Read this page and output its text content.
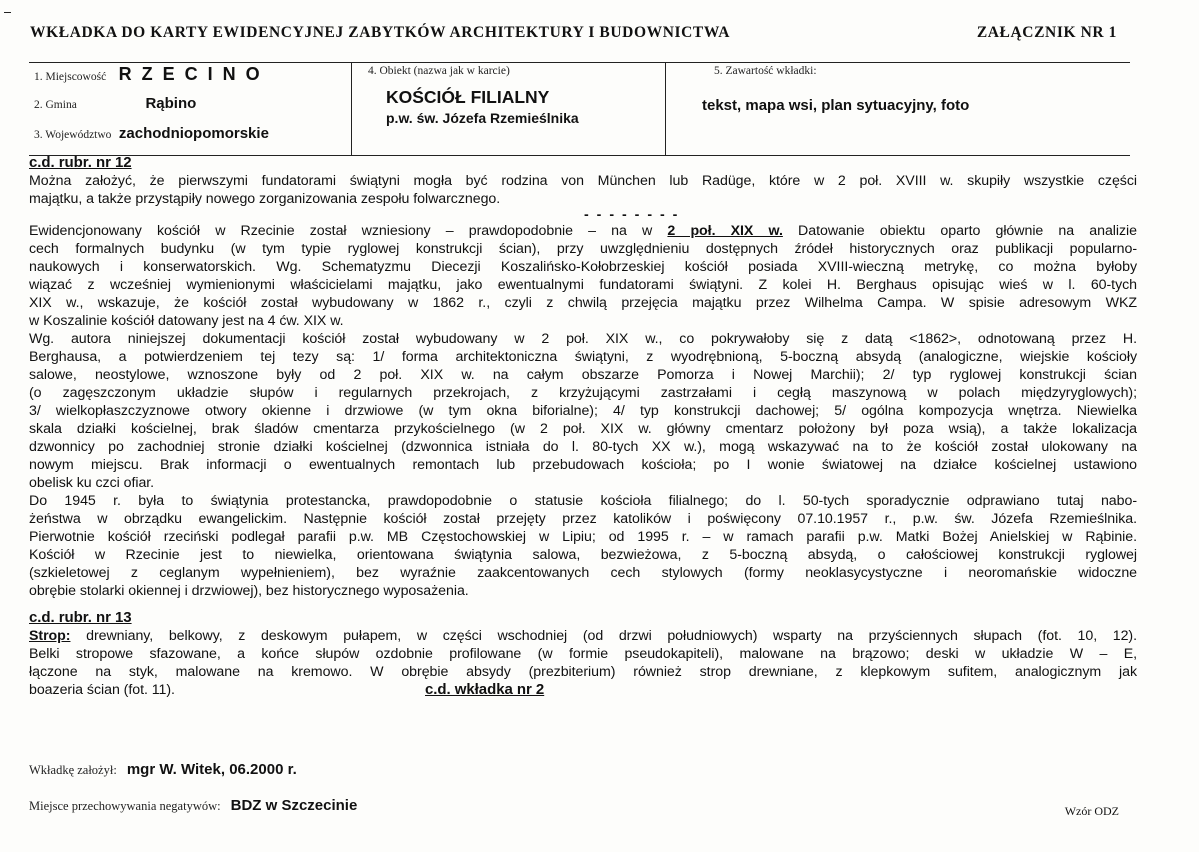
WKŁADKA DO KARTY EWIDENCYJNEJ ZABYTKÓW ARCHITEKTURY I BUDOWNICTWA	ZAŁĄCZNIK NR 1
1. Miejscowość R Z E C I N O
2. Gmina	Rąbino
3. Województwo zachodniopomorskie
4. Obiekt (nazwa jak w karcie)
KOŚCIÓŁ FILIALNY
p.w. św. Józefa Rzemieślnika
5. Zawartość wkładki:
tekst, mapa wsi, plan sytuacyjny, foto
c.d. rubr. nr 12
Można założyć, że pierwszymi fundatorami świątyni mogła być rodzina von München lub Radüge, które w 2 poł. XVIII w. skupiły wszystkie części
majątku, a także przystąpiły nowego zorganizowania zespołu folwarcznego.
- - - - - - - -
Ewidencjonowany kościół w Rzecinie został wzniesiony – prawdopodobnie – na w 2 poł. XIX w. Datowanie obiektu oparto głównie na analizie
cech formalnych budynku (w tym typie ryglowej konstrukcji ścian), przy uwzględnieniu dostępnych źródeł historycznych oraz publikacji popularno-
naukowych i konserwatorskich. Wg. Schematyzmu Diecezji Koszalińsko-Kołobrzeskiej kościół posiada XVIII-wieczną metrykę, co można byłoby
wiązać z wcześniej wymienionymi właścicielami majątku, jako ewentualnymi fundatorami świątyni. Z kolei H. Berghaus opisując wieś w l. 60-tych
XIX w., wskazuje, że kościół został wybudowany w 1862 r., czyli z chwilą przejęcia majątku przez Wilhelma Campa. W spisie adresowym WKZ
w Koszalinie kościół datowany jest na 4 ćw. XIX w.
Wg. autora niniejszej dokumentacji kościół został wybudowany w 2 poł. XIX w., co pokrywałoby się z datą <1862>, odnotowaną przez H.
Berghausa, a potwierdzeniem tej tezy są: 1/ forma architektoniczna świątyni, z wyodrębnioną, 5-boczną absydą (analogiczne, wiejskie kościoły
salowe, neostylowe, wznoszone były od 2 poł. XIX w. na całym obszarze Pomorza i Nowej Marchii); 2/ typ ryglowej konstrukcji ścian
(o zagęszczonym układzie słupów i regularnych przekrojach, z krzyżującymi zastrzałami i cegłą maszynową w polach międzyryglowych);
3/ wielkopłaszczyznowe otwory okienne i drzwiowe (w tym okna biforialne); 4/ typ konstrukcji dachowej; 5/ ogólna kompozycja wnętrza. Niewielka
skala działki kościelnej, brak śladów cmentarza przykościelnego (w 2 poł. XIX w. główny cmentarz położony był poza wsią), a także lokalizacja
dzwonnicy po zachodniej stronie działki kościelnej (dzwonnica istniała do l. 80-tych XX w.), mogą wskazywać na to że kościół został ulokowany na
nowym miejscu. Brak informacji o ewentualnych remontach lub przebudowach kościoła; po I wonie światowej na działce kościelnej ustawiono
obelisk ku czci ofiar.
Do 1945 r. była to świątynia protestancka, prawdopodobnie o statusie kościoła filialnego; do l. 50-tych sporadycznie odprawiano tutaj nabo-
żeństwa w obrządku ewangelickim. Następnie kościół został przejęty przez katolików i poświęcony 07.10.1957 r., p.w. św. Józefa Rzemieślnika.
Pierwotnie kościół rzeciński podlegał parafii p.w. MB Częstochowskiej w Lipiu; od 1995 r. – w ramach parafii p.w. Matki Bożej Anielskiej w Rąbinie.
Kościół w Rzecinie jest to niewielka, orientowana świątynia salowa, bezwieżowa, z 5-boczną absydą, o całościowej konstrukcji ryglowej
(szkieletowej z ceglanym wypełnieniem), bez wyraźnie zaakcentowanych cech stylowych (formy neoklasycystyczne i neoromańskie widoczne
obrębie stolarki okiennej i drzwiowej), bez historycznego wyposażenia.
c.d. rubr. nr 13
Strop: drewniany, belkowy, z deskowym pułapem, w części wschodniej (od drzwi południowych) wsparty na przyściennych słupach (fot. 10, 12).
Belki stropowe sfazowane, a końce słupów ozdobnie profilowane (w formie pseudokapiteli), malowane na brązowo; deski w układzie W – E,
łączone na styk, malowane na kremowo. W obrębie absydy (prezbiterium) również strop drewniane, z klepkowym sufitem, analogicznym jak
boazeria ścian (fot. 11).	c.d. wkładka nr 2
Wkładkę założył: mgr W. Witek, 06.2000 r.
Miejsce przechowywania negatywów: BDZ w Szczecinie	Wzór ODZ
